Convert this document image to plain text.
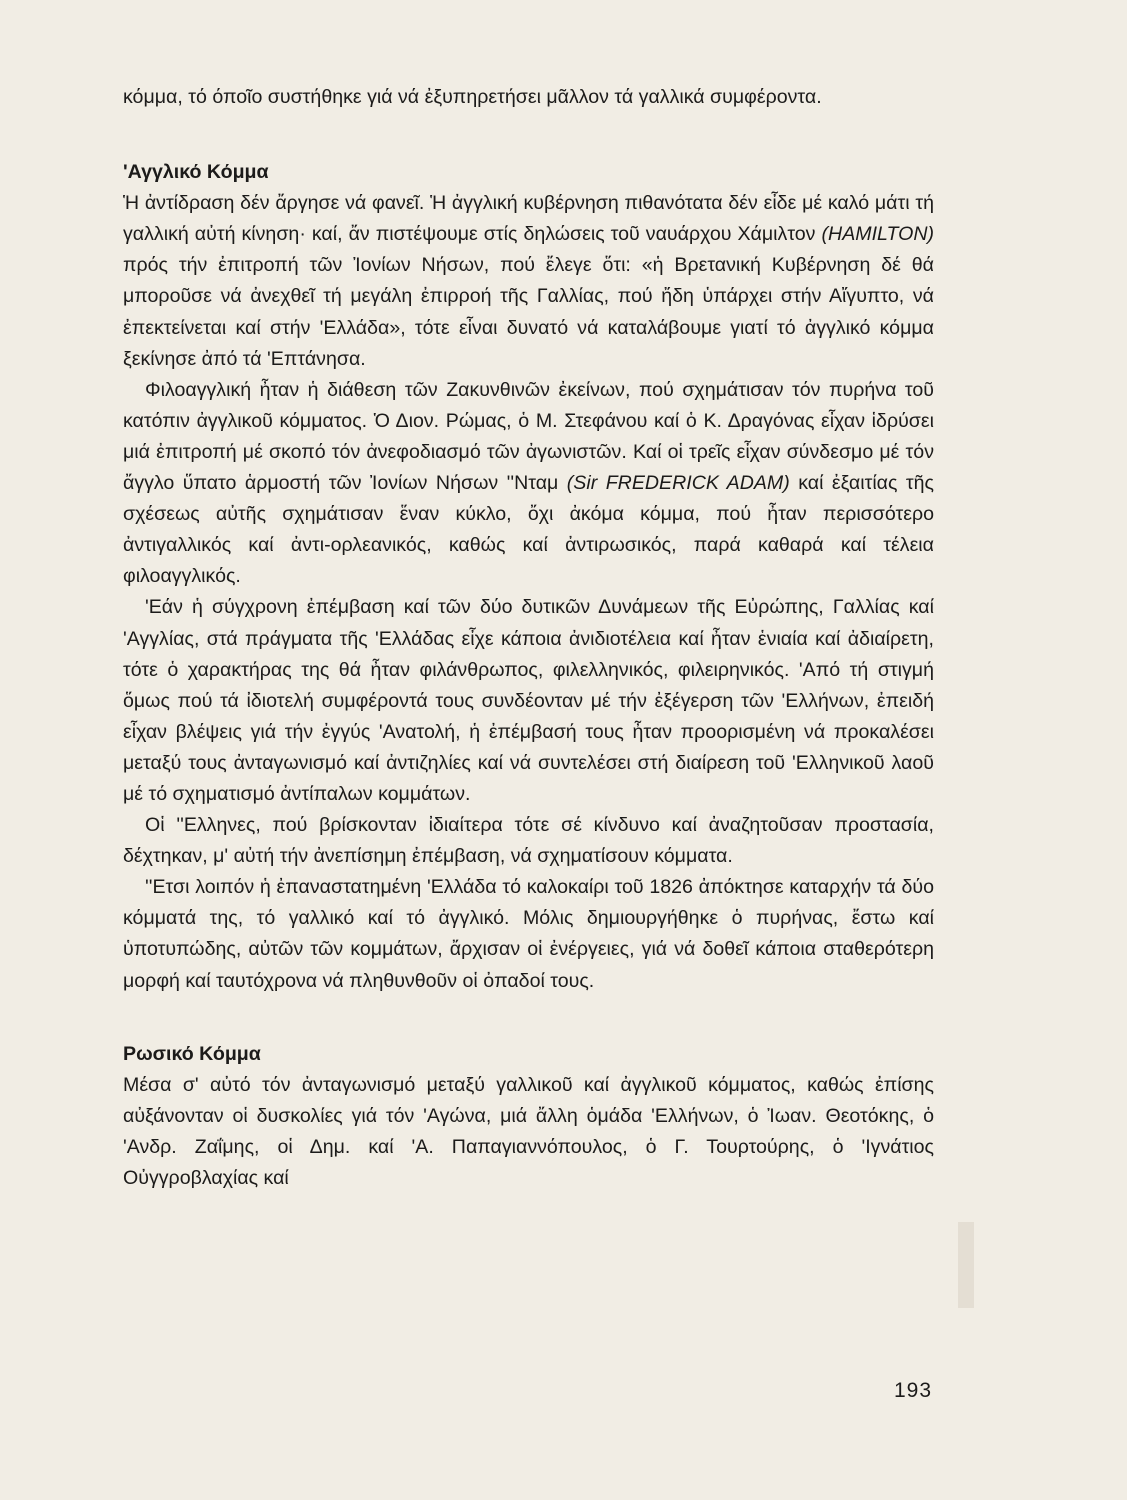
κόμμα, τό όποῖο συστήθηκε γιά νά ἐξυπηρετήσει μᾶλλον τά γαλλικά συμφέροντα.

'Αγγλικό Κόμμα

Ἡ ἀντίδραση δέν ἄργησε νά φανεῖ. Ἡ ἀγγλική κυβέρνηση πιθανότατα δέν εἶδε μέ καλό μάτι τή γαλλική αὐτή κίνηση· καί, ἄν πιστέψουμε στίς δηλώσεις τοῦ ναυάρχου Χάμιλτον (HAMILTON) πρός τήν ἐπιτροπή τῶν Ἰονίων Νήσων, πού ἔλεγε ὅτι: «ἡ Βρετανική Κυβέρνηση δέ θά μποροῦσε νά ἀνεχθεῖ τή μεγάλη ἐπιρροή τῆς Γαλλίας, πού ἤδη ὑπάρχει στήν Αἴγυπτο, νά ἐπεκτείνεται καί στήν 'Ελλάδα», τότε εἶναι δυνατό νά καταλάβουμε γιατί τό ἀγγλικό κόμμα ξεκίνησε ἀπό τά 'Επτάνησα.

Φιλοαγγλική ἦταν ἡ διάθεση τῶν Ζακυνθινῶν ἐκείνων, πού σχημάτισαν τόν πυρήνα τοῦ κατόπιν ἀγγλικοῦ κόμματος. Ὁ Διον. Ρώμας, ὁ Μ. Στεφάνου καί ὁ Κ. Δραγόνας εἶχαν ἱδρύσει μιά ἐπιτροπή μέ σκοπό τόν ἀνεφοδιασμό τῶν ἀγωνιστῶν. Καί οἱ τρεῖς εἶχαν σύνδεσμο μέ τόν ἄγγλο ὕπατο ἁρμοστή τῶν Ἰονίων Νήσων ''Νταμ (Sir FREDERICK ADAM) καί ἐξαιτίας τῆς σχέσεως αὐτῆς σχημάτισαν ἕναν κύκλο, ὄχι ἀκόμα κόμμα, πού ἦταν περισσότερο ἀντιγαλλικός καί ἀντι-ορλεανικός, καθώς καί ἀντιρωσικός, παρά καθαρά καί τέλεια φιλοαγγλικός.

'Εάν ἡ σύγχρονη ἐπέμβαση καί τῶν δύο δυτικῶν Δυνάμεων τῆς Εὐρώπης, Γαλλίας καί 'Αγγλίας, στά πράγματα τῆς 'Ελλάδας εἶχε κάποια ἀνιδιοτέλεια καί ἦταν ἑνιαία καί ἀδιαίρετη, τότε ὁ χαρακτήρας της θά ἦταν φιλάνθρωπος, φιλελληνικός, φιλειρηνικός. 'Από τή στιγμή ὅμως πού τά ἰδιοτελή συμφέροντά τους συνδέονταν μέ τήν ἐξέγερση τῶν 'Ελλήνων, ἐπειδή εἶχαν βλέψεις γιά τήν ἐγγύς 'Ανατολή, ἡ ἐπέμβασή τους ἦταν προορισμένη νά προκαλέσει μεταξύ τους ἀνταγωνισμό καί ἀντιζηλίες καί νά συντελέσει στή διαίρεση τοῦ 'Ελληνικοῦ λαοῦ μέ τό σχηματισμό ἀντίπαλων κομμάτων.

Οἱ ''Ελληνες, πού βρίσκονταν ἰδιαίτερα τότε σέ κίνδυνο καί ἀναζητοῦσαν προστασία, δέχτηκαν, μ' αὐτή τήν ἀνεπίσημη ἐπέμβαση, νά σχηματίσουν κόμματα.

''Ετσι λοιπόν ἡ ἐπαναστατημένη 'Ελλάδα τό καλοκαίρι τοῦ 1826 ἀπόκτησε καταρχήν τά δύο κόμματά της, τό γαλλικό καί τό ἀγγλικό. Μόλις δημιουργήθηκε ὁ πυρήνας, ἔστω καί ὑποτυπώδης, αὐτῶν τῶν κομμάτων, ἄρχισαν οἱ ἐνέργειες, γιά νά δοθεῖ κάποια σταθερότερη μορφή καί ταυτόχρονα νά πληθυνθοῦν οἱ ὀπαδοί τους.

Ρωσικό Κόμμα

Μέσα σ' αὐτό τόν ἀνταγωνισμό μεταξύ γαλλικοῦ καί ἀγγλικοῦ κόμματος, καθώς ἐπίσης αὐξάνονταν οἱ δυσκολίες γιά τόν 'Αγώνα, μιά ἄλλη ὁμάδα 'Ελλήνων, ὁ Ἰωαν. Θεοτόκης, ὁ 'Ανδρ. Ζαΐμης, οἱ Δημ. καί 'Α. Παπαγιαννόπουλος, ὁ Γ. Τουρτούρης, ὁ 'Ιγνάτιος Οὐγγροβλαχίας καί

193
